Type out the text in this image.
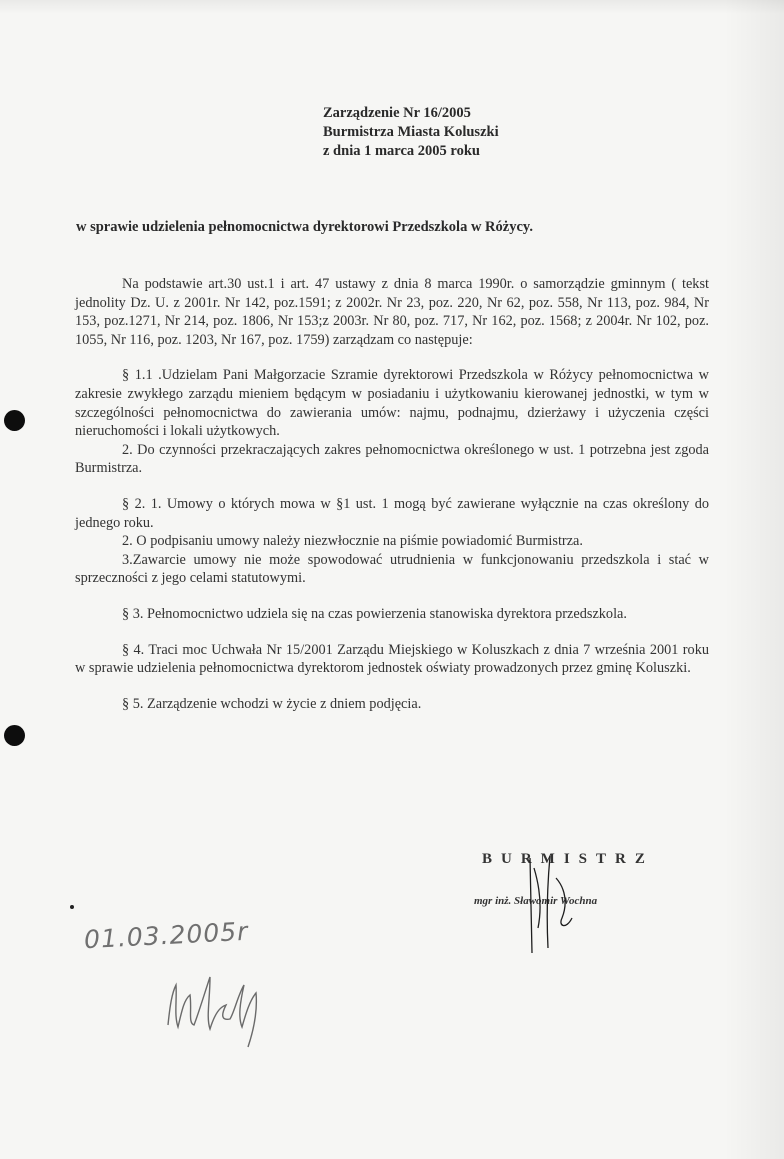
Zarządzenie Nr 16/2005
Burmistrza Miasta Koluszki
z dnia 1 marca 2005 roku
w sprawie udzielenia pełnomocnictwa dyrektorowi Przedszkola w Różycy.

Na podstawie art.30 ust.1 i art. 47 ustawy z dnia 8 marca 1990r. o samorządzie gminnym ( tekst jednolity Dz. U. z 2001r. Nr 142, poz.1591; z 2002r. Nr 23, poz. 220, Nr 62, poz. 558, Nr 113, poz. 984, Nr 153, poz.1271, Nr 214, poz. 1806, Nr 153;z 2003r. Nr 80, poz. 717, Nr 162, poz. 1568; z 2004r. Nr 102, poz. 1055, Nr 116, poz. 1203, Nr 167, poz. 1759) zarządzam co następuje:

§ 1.1 .Udzielam Pani Małgorzacie Szramie dyrektorowi Przedszkola w Różycy pełnomocnictwa w zakresie zwykłego zarządu mieniem będącym w posiadaniu i użytkowaniu kierowanej jednostki, w tym w szczególności pełnomocnictwa do zawierania umów: najmu, podnajmu, dzierżawy i użyczenia części nieruchomości i lokali użytkowych.

2. Do czynności przekraczających zakres pełnomocnictwa określonego w ust. 1 potrzebna jest zgoda Burmistrza.

§ 2. 1. Umowy o których mowa w §1 ust. 1 mogą być zawierane wyłącznie na czas określony do jednego roku.

2. O podpisaniu umowy należy niezwłocznie na piśmie powiadomić Burmistrza.

3.Zawarcie umowy nie może spowodować utrudnienia w funkcjonowaniu przedszkola i stać w sprzeczności z jego celami statutowymi.

§ 3. Pełnomocnictwo udziela się na czas powierzenia stanowiska dyrektora przedszkola.

§ 4. Traci moc Uchwała Nr 15/2001 Zarządu Miejskiego w Koluszkach z dnia 7 września 2001 roku w sprawie udzielenia pełnomocnictwa dyrektorom jednostek oświaty prowadzonych przez gminę Koluszki.

§ 5. Zarządzenie wchodzi w życie z dniem podjęcia.

BURMISTRZ
mgr inż. Sławomir Wochna
01.03.2005r
